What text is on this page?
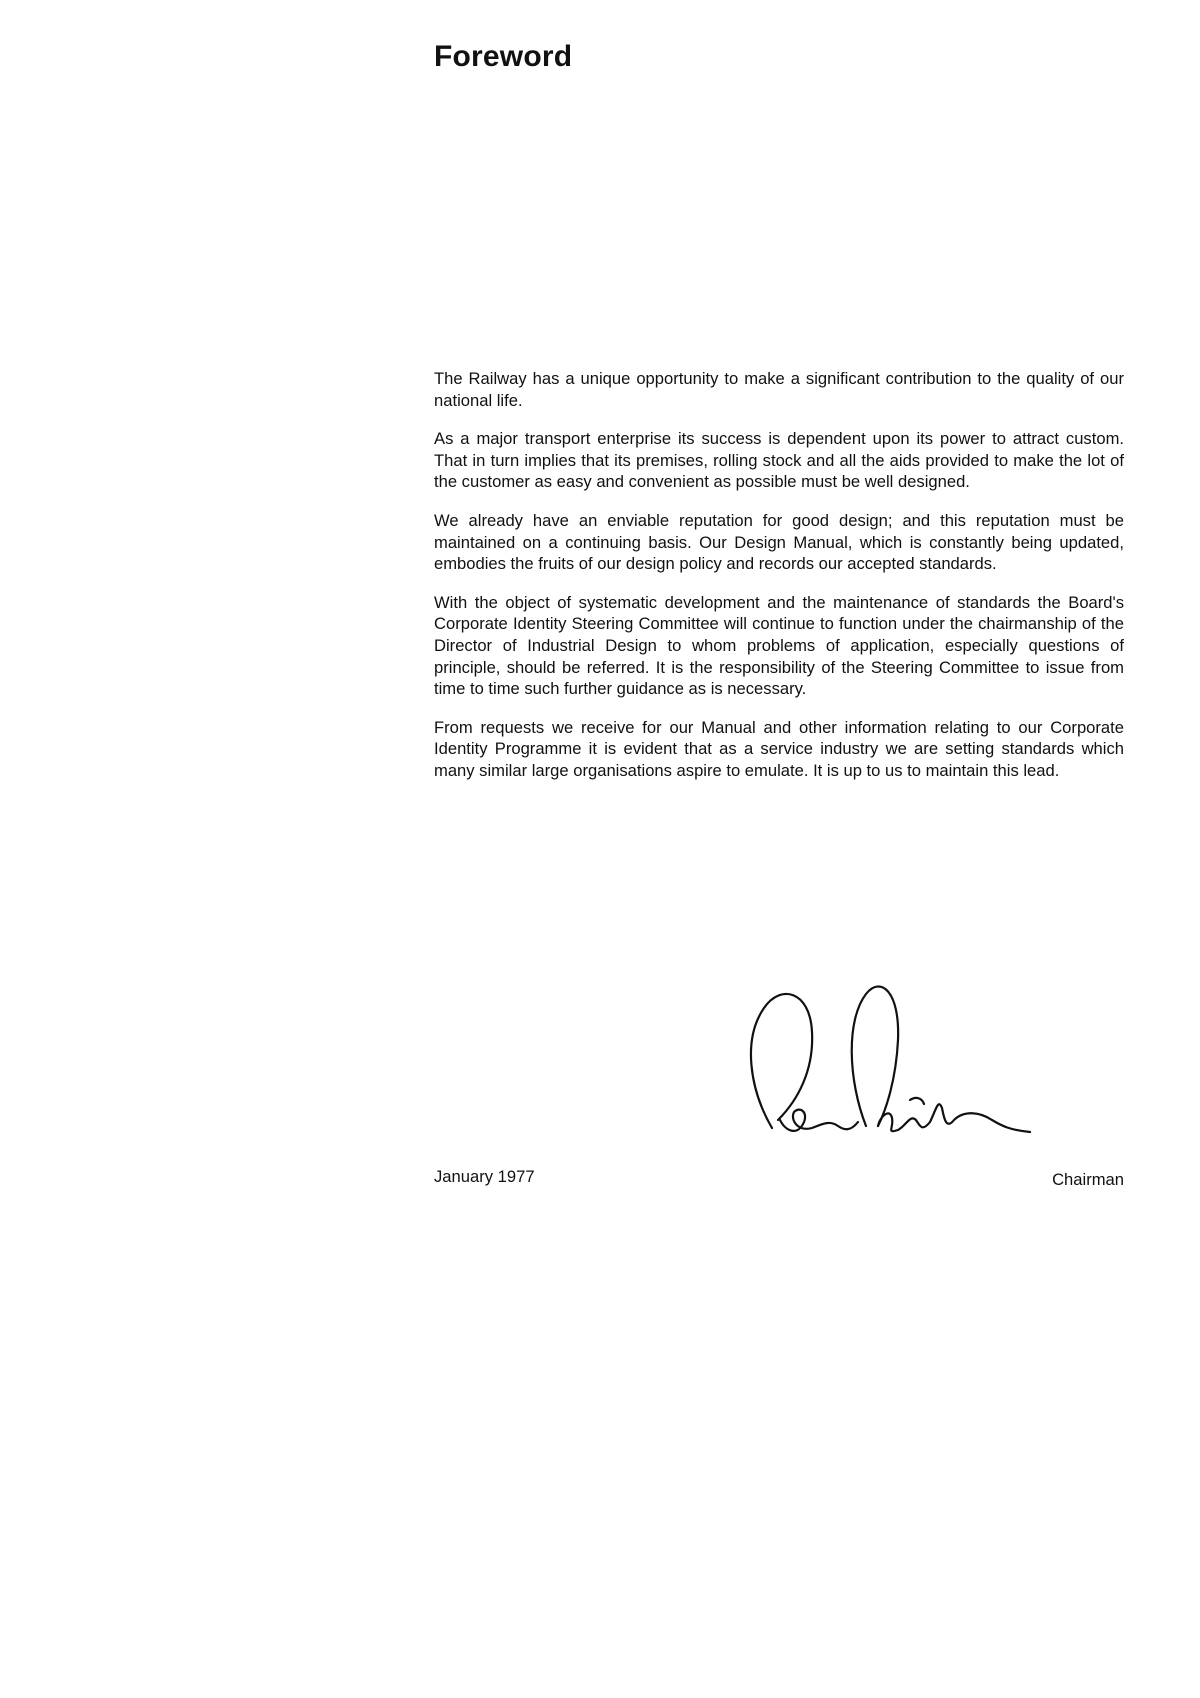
Foreword

The Railway has a unique opportunity to make a significant contribution to the quality of our national life.

As a major transport enterprise its success is dependent upon its power to attract custom. That in turn implies that its premises, rolling stock and all the aids provided to make the lot of the customer as easy and convenient as possible must be well designed.

We already have an enviable reputation for good design; and this reputation must be maintained on a continuing basis. Our Design Manual, which is constantly being updated, embodies the fruits of our design policy and records our accepted standards.

With the object of systematic development and the maintenance of standards the Board's Corporate Identity Steering Committee will continue to function under the chairmanship of the Director of Industrial Design to whom problems of application, especially questions of principle, should be referred. It is the responsibility of the Steering Committee to issue from time to time such further guidance as is necessary.

From requests we receive for our Manual and other information relating to our Corporate Identity Programme it is evident that as a service industry we are setting standards which many similar large organisations aspire to emulate. It is up to us to maintain this lead.

January 1977	Chairman
